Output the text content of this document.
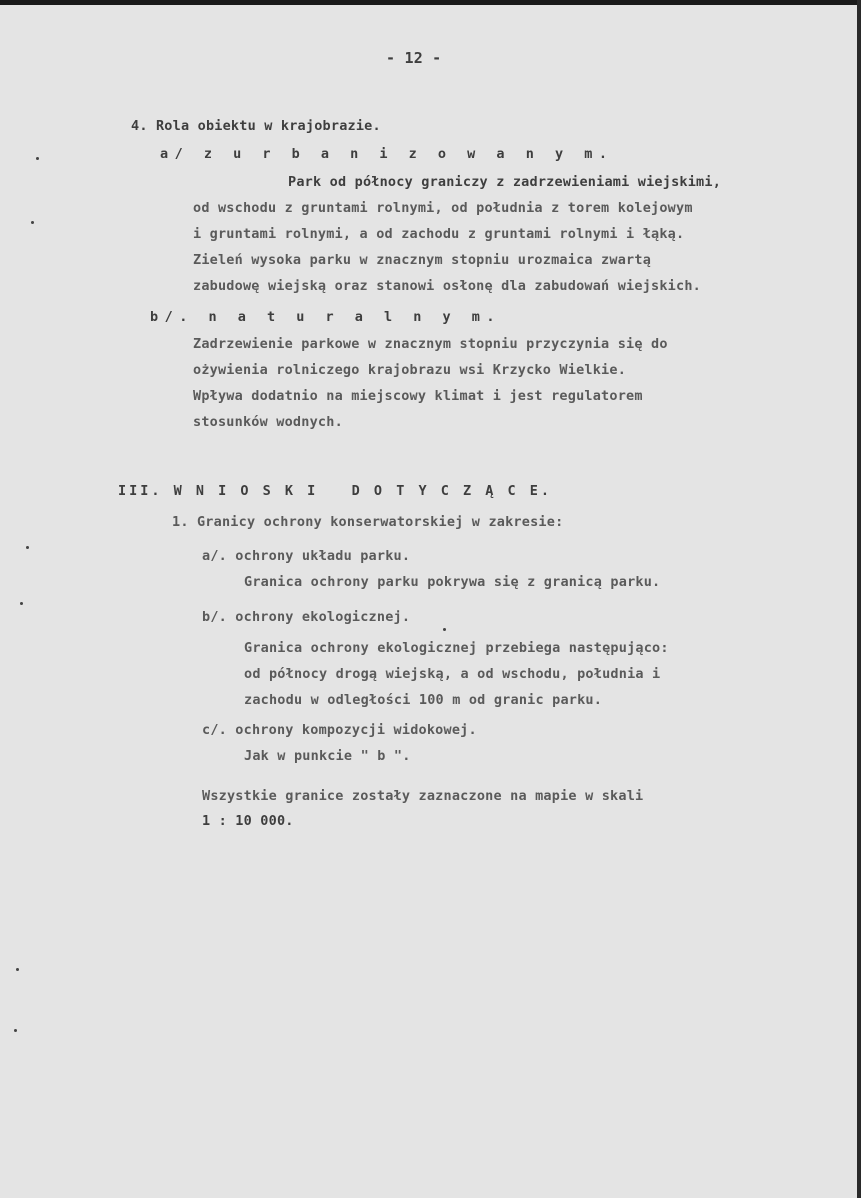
- 12 -
4. Rola obiektu w krajobrazie.
a/ z u r b a n i z o w a n y m.
Park od północy graniczy z zadrzewieniami wiejskimi,
od wschodu z gruntami rolnymi, od południa z torem kolejowym
i gruntami rolnymi, a od zachodu z gruntami rolnymi i łąką.
Zieleń wysoka parku w znacznym stopniu urozmaica zwartą
zabudowę wiejską oraz stanowi osłonę dla zabudowań wiejskich.
b/. n a t u r a l n y m.
Zadrzewienie parkowe w znacznym stopniu przyczynia się do
ożywienia rolniczego krajobrazu wsi Krzycko Wielkie.
Wpływa dodatnio na miejscowy klimat i jest regulatorem
stosunków wodnych.
III. W N I O S K I   D O T Y C Z Ą C E.
1. Granicy ochrony konserwatorskiej w zakresie:
a/. ochrony układu parku.
Granica ochrony parku pokrywa się z granicą parku.
b/. ochrony ekologicznej.
Granica ochrony ekologicznej przebiega następująco:
od północy drogą wiejską, a od wschodu, południa i
zachodu w odległości 100 m od granic parku.
c/. ochrony kompozycji widokowej.
Jak w punkcie " b ".
Wszystkie granice zostały zaznaczone na mapie w skali
1 : 10 000.
